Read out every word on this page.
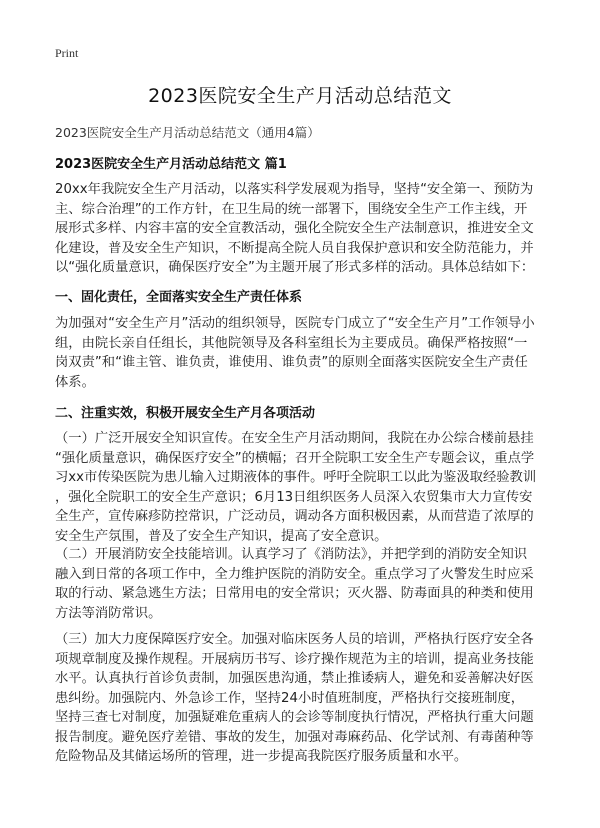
Print
2023医院安全生产月活动总结范文
2023医院安全生产月活动总结范文（通用4篇）
2023医院安全生产月活动总结范文 篇1
20xx年我院安全生产月活动，以落实科学发展观为指导，坚持“安全第一、预防为
主、综合治理”的工作方针，在卫生局的统一部署下，围绕安全生产工作主线，开
展形式多样、内容丰富的安全宣教活动，强化全院安全生产法制意识，推进安全文
化建设，普及安全生产知识，不断提高全院人员自我保护意识和安全防范能力，并
以“强化质量意识，确保医疗安全”为主题开展了形式多样的活动。具体总结如下：
一、固化责任，全面落实安全生产责任体系
为加强对“安全生产月”活动的组织领导，医院专门成立了“安全生产月”工作领导小
组，由院长亲自任组长，其他院领导及各科室组长为主要成员。确保严格按照“一
岗双责”和“谁主管、谁负责，谁使用、谁负责”的原则全面落实医院安全生产责任
体系。
二、注重实效，积极开展安全生产月各项活动
（一）广泛开展安全知识宣传。在安全生产月活动期间，我院在办公综合楼前悬挂
“强化质量意识，确保医疗安全”的横幅；召开全院职工安全生产专题会议，重点学
习xx市传染医院为患儿输入过期液体的事件。呼吁全院职工以此为鉴汲取经验教训
，强化全院职工的安全生产意识；6月13日组织医务人员深入农贸集市大力宣传安
全生产，宣传麻疹防控常识，广泛动员，调动各方面积极因素，从而营造了浓厚的
安全生产氛围，普及了安全生产知识，提高了安全意识。
（二）开展消防安全技能培训。认真学习了《消防法》，并把学到的消防安全知识
融入到日常的各项工作中，全力维护医院的消防安全。重点学习了火警发生时应采
取的行动、紧急逃生方法；日常用电的安全常识；灭火器、防毒面具的种类和使用
方法等消防常识。
（三）加大力度保障医疗安全。加强对临床医务人员的培训，严格执行医疗安全各
项规章制度及操作规程。开展病历书写、诊疗操作规范为主的培训，提高业务技能
水平。认真执行首诊负责制，加强医患沟通，禁止推诿病人，避免和妥善解决好医
患纠纷。加强院内、外急诊工作，坚持24小时值班制度，严格执行交接班制度，
坚持三查七对制度，加强疑难危重病人的会诊等制度执行情况，严格执行重大问题
报告制度。避免医疗差错、事故的发生，加强对毒麻药品、化学试剂、有毒菌种等
危险物品及其储运场所的管理，进一步提高我院医疗服务质量和水平。
